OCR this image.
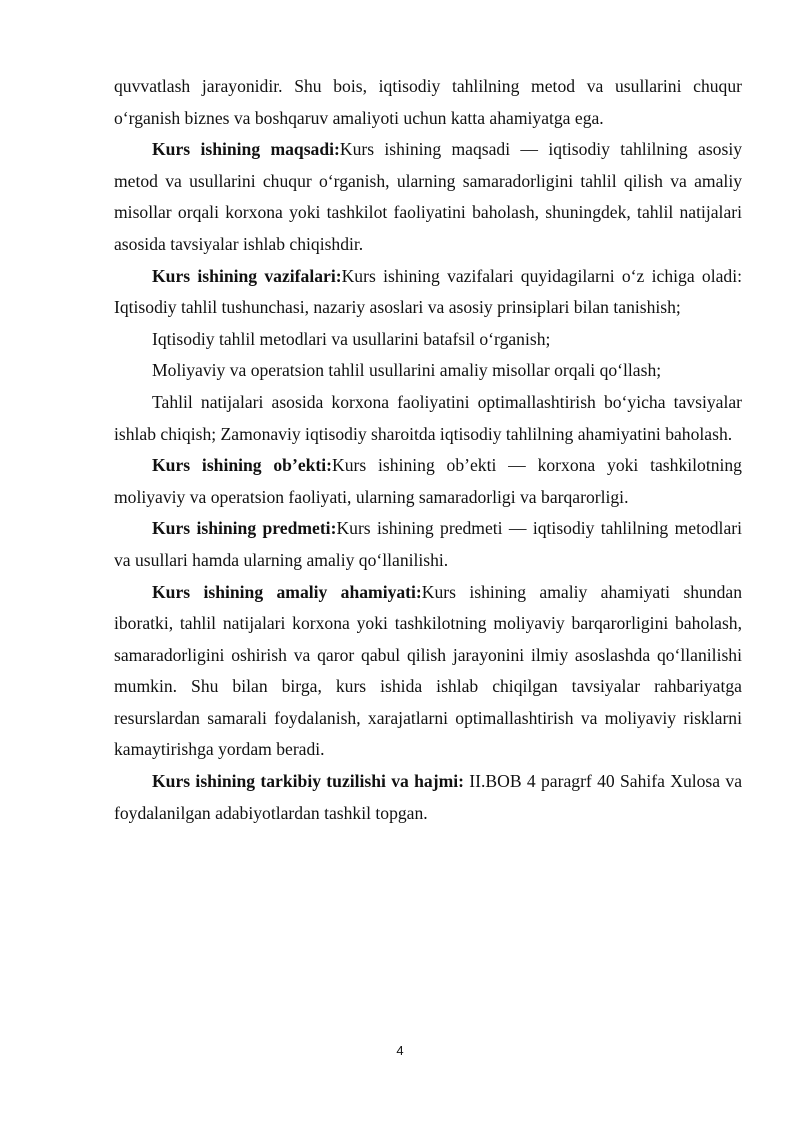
quvvatlash jarayonidir. Shu bois, iqtisodiy tahlilning metod va usullarini chuqur o‘rganish biznes va boshqaruv amaliyoti uchun katta ahamiyatga ega.

Kurs ishining maqsadi:Kurs ishining maqsadi — iqtisodiy tahlilning asosiy metod va usullarini chuqur o‘rganish, ularning samaradorligini tahlil qilish va amaliy misollar orqali korxona yoki tashkilot faoliyatini baholash, shuningdek, tahlil natijalari asosida tavsiyalar ishlab chiqishdir.

Kurs ishining vazifalari:Kurs ishining vazifalari quyidagilarni o‘z ichiga oladi: Iqtisodiy tahlil tushunchasi, nazariy asoslari va asosiy prinsiplari bilan tanishish;

Iqtisodiy tahlil metodlari va usullarini batafsil o‘rganish;

Moliyaviy va operatsion tahlil usullarini amaliy misollar orqali qo‘llash;

Tahlil natijalari asosida korxona faoliyatini optimallashtirish bo‘yicha tavsiyalar ishlab chiqish; Zamonaviy iqtisodiy sharoitda iqtisodiy tahlilning ahamiyatini baholash.

Kurs ishining ob’ekti:Kurs ishining ob’ekti — korxona yoki tashkilotning moliyaviy va operatsion faoliyati, ularning samaradorligi va barqarorligi.

Kurs ishining predmeti:Kurs ishining predmeti — iqtisodiy tahlilning metodlari va usullari hamda ularning amaliy qo‘llanilishi.

Kurs ishining amaliy ahamiyati:Kurs ishining amaliy ahamiyati shundan iboratki, tahlil natijalari korxona yoki tashkilotning moliyaviy barqarorligini baholash, samaradorligini oshirish va qaror qabul qilish jarayonini ilmiy asoslashda qo‘llanilishi mumkin. Shu bilan birga, kurs ishida ishlab chiqilgan tavsiyalar rahbariyatga resurslardan samarali foydalanish, xarajatlarni optimallashtirish va moliyaviy risklarni kamaytirishga yordam beradi.

Kurs ishining tarkibiy tuzilishi va hajmi: II.BOB 4 paragrf 40 Sahifa Xulosa va foydalanilgan adabiyotlardan tashkil topgan.

4
